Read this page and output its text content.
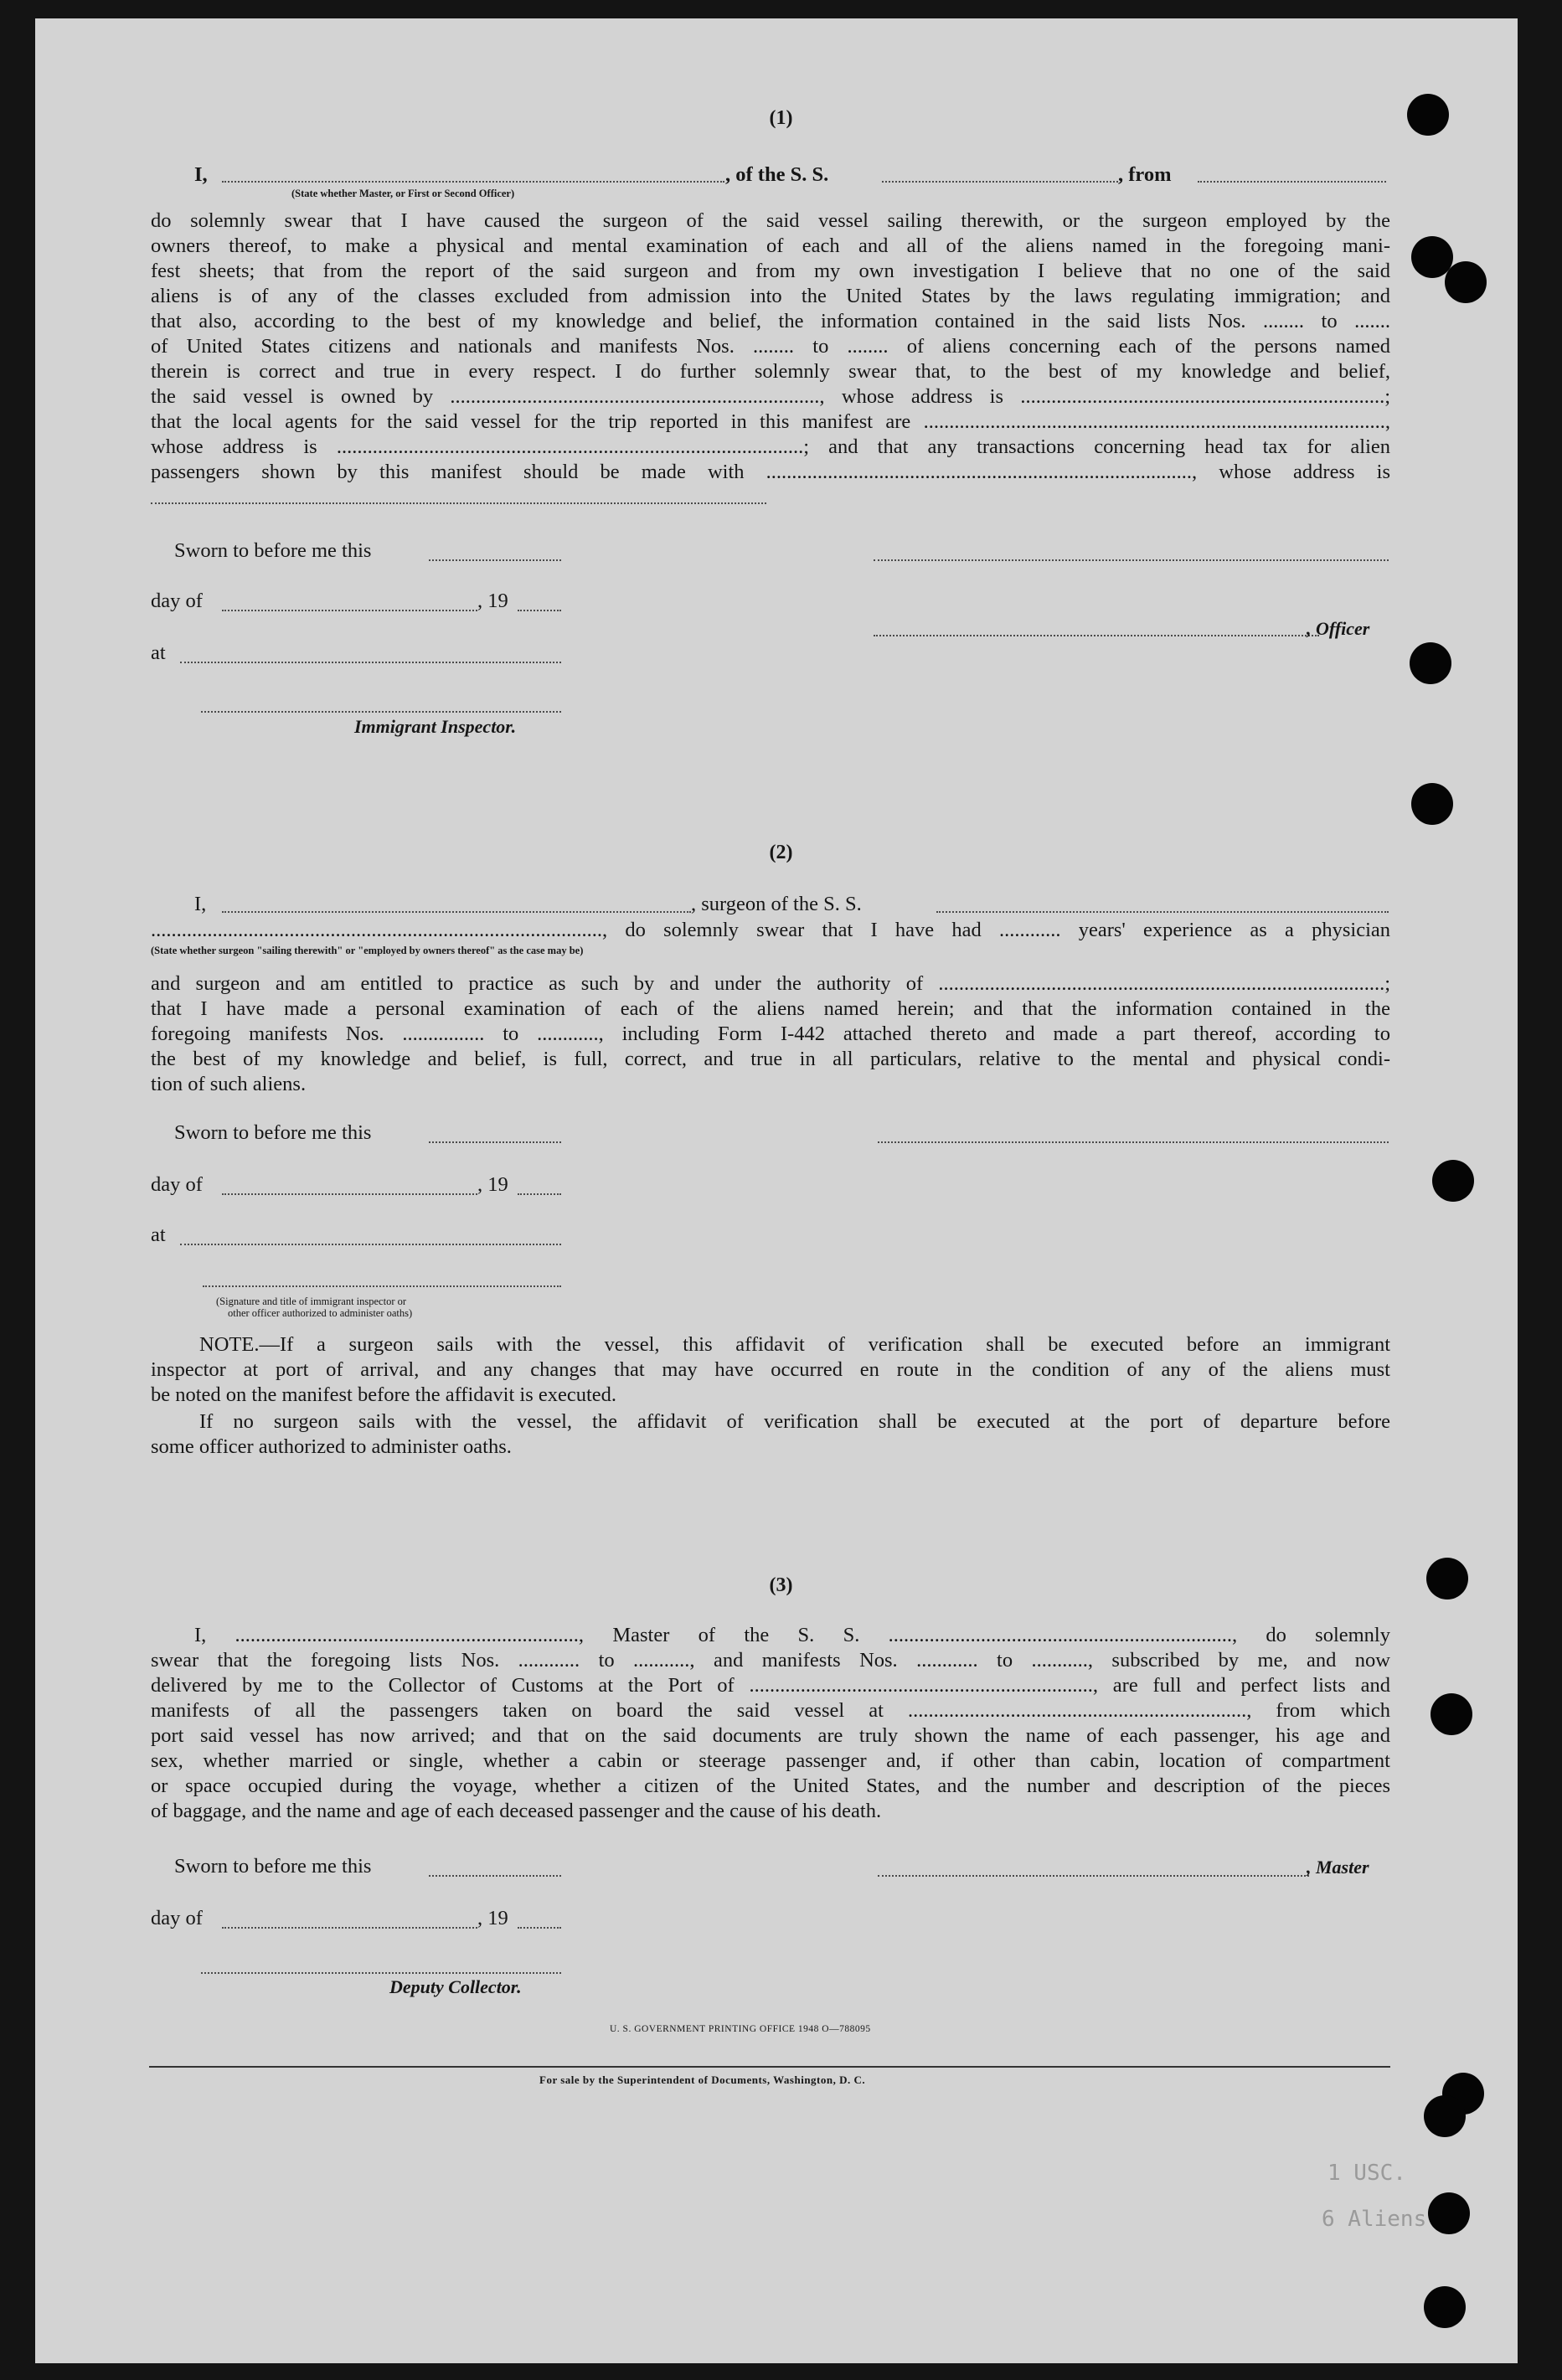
1 USC.
6 Aliens
(1)
I,	, of the S. S.	, from
(State whether Master, or First or Second Officer)
do solemnly swear that I have caused the surgeon of the said vessel sailing therewith, or the surgeon employed by the
owners thereof, to make a physical and mental examination of each and all of the aliens named in the foregoing mani-
fest sheets; that from the report of the said surgeon and from my own investigation I believe that no one of the said
aliens is of any of the classes excluded from admission into the United States by the laws regulating immigration; and
that also, according to the best of my knowledge and belief, the information contained in the said lists Nos. ........ to .......
of United States citizens and nationals and manifests Nos. ........ to ........ of aliens concerning each of the persons named
therein is correct and true in every respect. I do further solemnly swear that, to the best of my knowledge and belief,
the said vessel is owned by ........................................................................, whose address is .......................................................................;
that the local agents for the said vessel for the trip reported in this manifest are ..........................................................................................,
whose address is ...........................................................................................; and that any transactions concerning head tax for alien
passengers shown by this manifest should be made with ..................................................................................., whose address is
Sworn to before me this
day of	, 19
, Officer
at
Immigrant Inspector.
(2)
I,	, surgeon of the S. S.
........................................................................................, do solemnly swear that I have had ............ years' experience as a physician
(State whether surgeon "sailing therewith" or "employed by owners thereof" as the case may be)
and surgeon and am entitled to practice as such by and under the authority of .......................................................................................;
that I have made a personal examination of each of the aliens named herein; and that the information contained in the
foregoing manifests Nos. ................ to ............, including Form I-442 attached thereto and made a part thereof, according to
the best of my knowledge and belief, is full, correct, and true in all particulars, relative to the mental and physical condi-
tion of such aliens.
Sworn to before me this
day of	, 19
at
(Signature and title of immigrant inspector or
other officer authorized to administer oaths)
NOTE.—If a surgeon sails with the vessel, this affidavit of verification shall be executed before an immigrant
inspector at port of arrival, and any changes that may have occurred en route in the condition of any of the aliens must
be noted on the manifest before the affidavit is executed.
If no surgeon sails with the vessel, the affidavit of verification shall be executed at the port of departure before
some officer authorized to administer oaths.
(3)
I, ..................................................................., Master of the S. S. ..................................................................., do solemnly
swear that the foregoing lists Nos. ............ to ..........., and manifests Nos. ............ to ..........., subscribed by me, and now
delivered by me to the Collector of Customs at the Port of ..................................................................., are full and perfect lists and
manifests of all the passengers taken on board the said vessel at .................................................................., from which
port said vessel has now arrived; and that on the said documents are truly shown the name of each passenger, his age and
sex, whether married or single, whether a cabin or steerage passenger and, if other than cabin, location of compartment
or space occupied during the voyage, whether a citizen of the United States, and the number and description of the pieces
of baggage, and the name and age of each deceased passenger and the cause of his death.
Sworn to before me this	, Master
day of	, 19
Deputy Collector.
U. S. GOVERNMENT PRINTING OFFICE 1948 O—788095
For sale by the Superintendent of Documents, Washington, D. C.
